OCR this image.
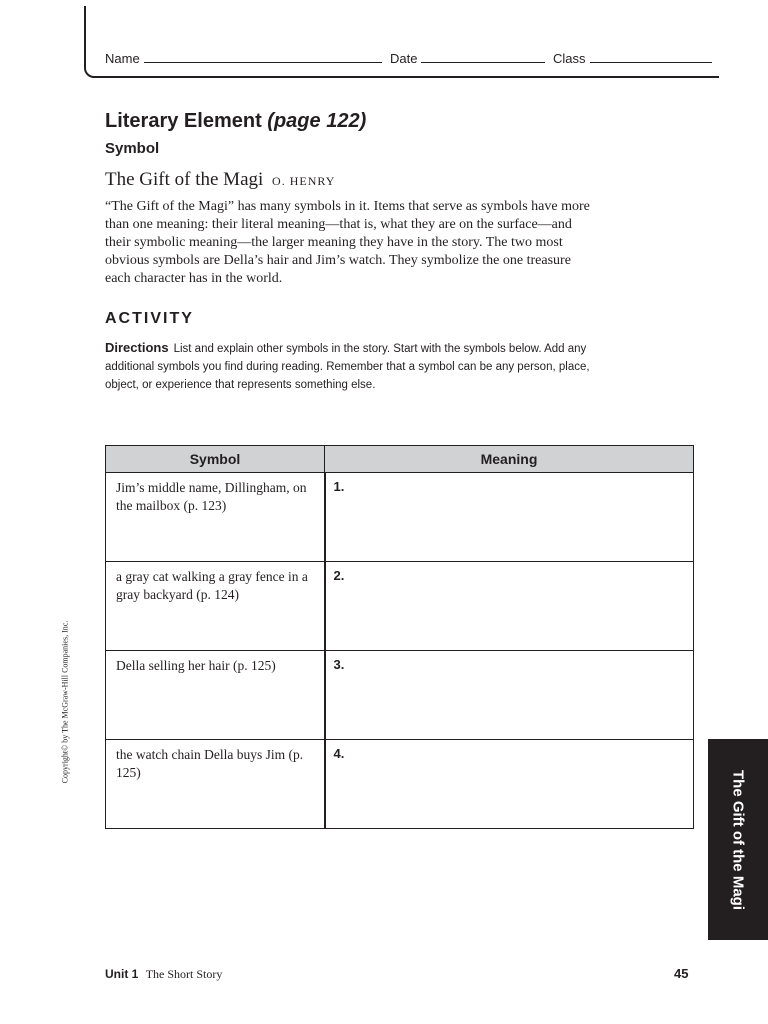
Name	Date	Class
Literary Element (page 122)
Symbol
The Gift of the Magi O. HENRY

“The Gift of the Magi” has many symbols in it. Items that serve as symbols have more than one meaning: their literal meaning—that is, what they are on the surface—and their symbolic meaning—the larger meaning they have in the story. The two most obvious symbols are Della’s hair and Jim’s watch. They symbolize the one treasure each character has in the world.

ACTIVITY

Directions List and explain other symbols in the story. Start with the symbols below. Add any additional symbols you find during reading. Remember that a symbol can be any person, place, object, or experience that represents something else.

Symbol	Meaning
Jim’s middle name, Dillingham, on the mailbox (p. 123)	1.
a gray cat walking a gray fence in a gray backyard (p. 124)	2.
Della selling her hair (p. 125)	3.
the watch chain Della buys Jim (p. 125)	4.
Copyright© by The McGraw-Hill Companies, Inc.
The Gift of the Magi
Unit 1 The Short Story	45
